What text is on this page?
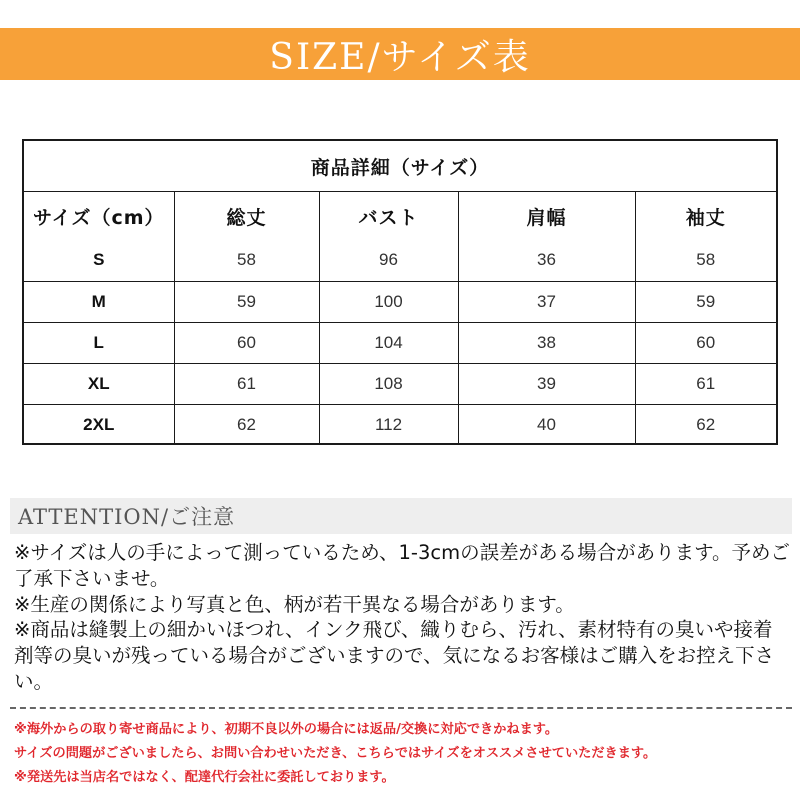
SIZE/サイズ表
商品詳細（サイズ）
サイズ（cm）	総丈	バスト	肩幅	袖丈
S	58	96	36	58
M	59	100	37	59
L	60	104	38	60
XL	61	108	39	61
2XL	62	112	40	62
ATTENTION/ご注意

※サイズは人の手によって測っているため、1-3cmの誤差がある場合があります。予めご了承下さいませ。

※生産の関係により写真と色、柄が若干異なる場合があります。

※商品は縫製上の細かいほつれ、インク飛び、織りむら、汚れ、素材特有の臭いや接着剤等の臭いが残っている場合がございますので、気になるお客様はご購入をお控え下さい。

※海外からの取り寄せ商品により、初期不良以外の場合には返品/交換に対応できかねます。

サイズの問題がございましたら、お問い合わせいただき、こちらではサイズをオススメさせていただきます。

※発送先は当店名ではなく、配達代行会社に委託しております。
